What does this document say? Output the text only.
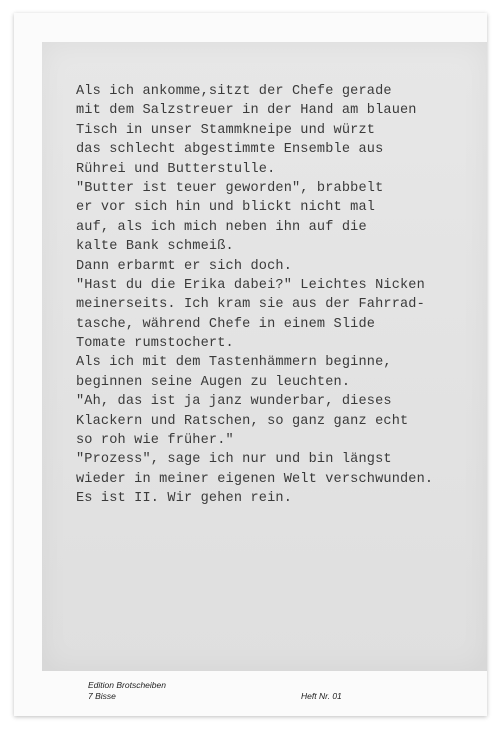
Als ich ankomme,sitzt der Chefe gerade
mit dem Salzstreuer in der Hand am blauen
Tisch in unser Stammkneipe und würzt
das schlecht abgestimmte Ensemble aus
Rührei und Butterstulle.
"Butter ist teuer geworden", brabbelt
er vor sich hin und blickt nicht mal
auf, als ich mich neben ihn auf die
kalte Bank schmeiß.
Dann erbarmt er sich doch.
"Hast du die Erika dabei?" Leichtes Nicken
meinerseits. Ich kram sie aus der Fahrrad-
tasche, während Chefe in einem Slide
Tomate rumstochert.
Als ich mit dem Tastenhämmern beginne,
beginnen seine Augen zu leuchten.
"Ah, das ist ja janz wunderbar, dieses
Klackern und Ratschen, so ganz ganz echt
so roh wie früher."
"Prozess", sage ich nur und bin längst
wieder in meiner eigenen Welt verschwunden.
Es ist II. Wir gehen rein.
Edition Brotscheiben
7 Bisse	Heft Nr. 01
